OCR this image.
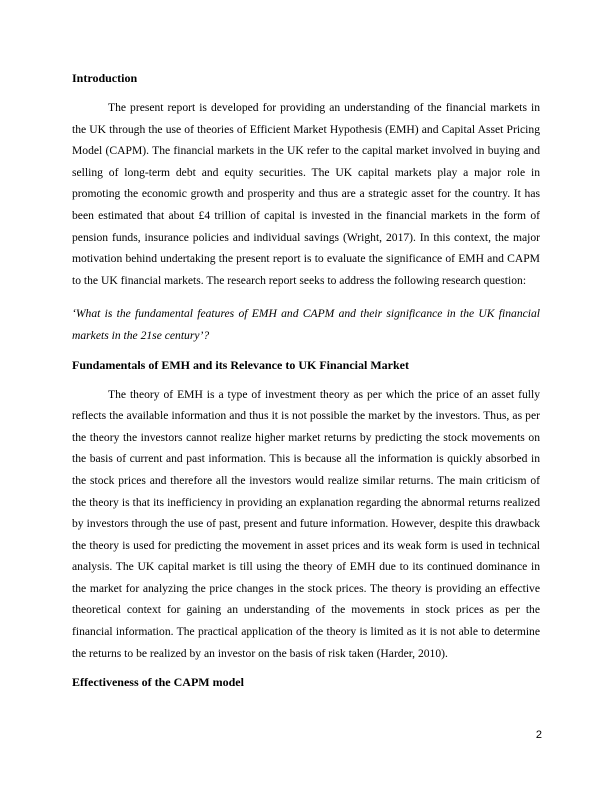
Introduction

The present report is developed for providing an understanding of the financial markets in the UK through the use of theories of Efficient Market Hypothesis (EMH) and Capital Asset Pricing Model (CAPM). The financial markets in the UK refer to the capital market involved in buying and selling of long-term debt and equity securities. The UK capital markets play a major role in promoting the economic growth and prosperity and thus are a strategic asset for the country. It has been estimated that about £4 trillion of capital is invested in the financial markets in the form of pension funds, insurance policies and individual savings (Wright, 2017). In this context, the major motivation behind undertaking the present report is to evaluate the significance of EMH and CAPM to the UK financial markets. The research report seeks to address the following research question:

‘What is the fundamental features of EMH and CAPM and their significance in the UK financial markets in the 21se century’?

Fundamentals of EMH and its Relevance to UK Financial Market

The theory of EMH is a type of investment theory as per which the price of an asset fully reflects the available information and thus it is not possible the market by the investors. Thus, as per the theory the investors cannot realize higher market returns by predicting the stock movements on the basis of current and past information. This is because all the information is quickly absorbed in the stock prices and therefore all the investors would realize similar returns. The main criticism of the theory is that its inefficiency in providing an explanation regarding the abnormal returns realized by investors through the use of past, present and future information. However, despite this drawback the theory is used for predicting the movement in asset prices and its weak form is used in technical analysis. The UK capital market is till using the theory of EMH due to its continued dominance in the market for analyzing the price changes in the stock prices. The theory is providing an effective theoretical context for gaining an understanding of the movements in stock prices as per the financial information. The practical application of the theory is limited as it is not able to determine the returns to be realized by an investor on the basis of risk taken (Harder, 2010).

Effectiveness of the CAPM model
2
